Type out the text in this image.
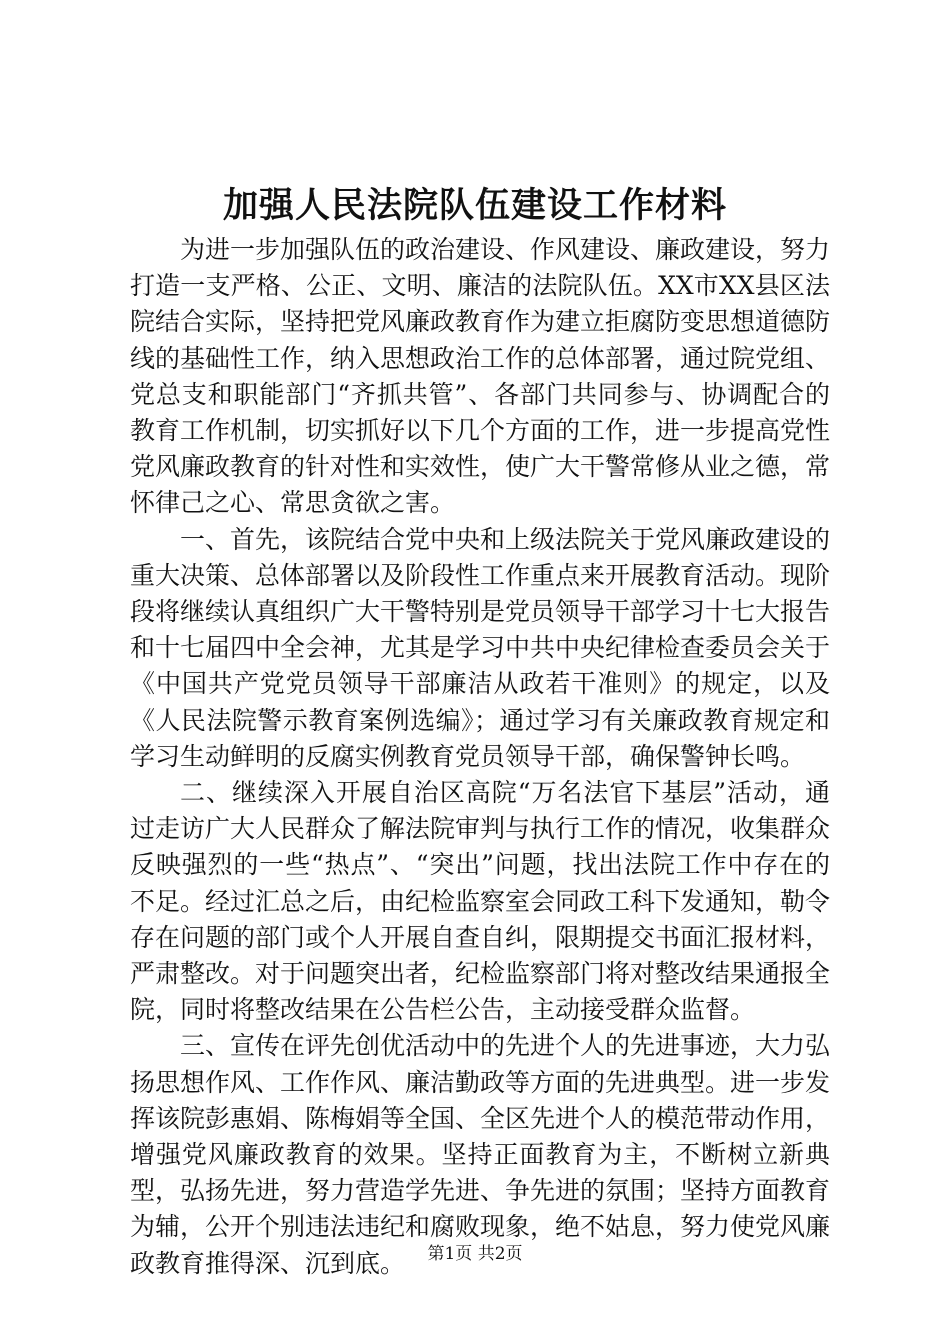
加强人民法院队伍建设工作材料

为进一步加强队伍的政治建设、作风建设、廉政建设，努力打造一支严格、公正、文明、廉洁的法院队伍。XX市XX县区法院结合实际，坚持把党风廉政教育作为建立拒腐防变思想道德防线的基础性工作，纳入思想政治工作的总体部署，通过院党组、党总支和职能部门“齐抓共管”、各部门共同参与、协调配合的教育工作机制，切实抓好以下几个方面的工作，进一步提高党性党风廉政教育的针对性和实效性，使广大干警常修从业之德，常怀律己之心、常思贪欲之害。

一、首先，该院结合党中央和上级法院关于党风廉政建设的重大决策、总体部署以及阶段性工作重点来开展教育活动。现阶段将继续认真组织广大干警特别是党员领导干部学习十七大报告和十七届四中全会神，尤其是学习中共中央纪律检查委员会关于《中国共产党党员领导干部廉洁从政若干准则》的规定，以及《人民法院警示教育案例选编》；通过学习有关廉政教育规定和学习生动鲜明的反腐实例教育党员领导干部，确保警钟长鸣。

二、继续深入开展自治区高院“万名法官下基层”活动，通过走访广大人民群众了解法院审判与执行工作的情况，收集群众反映强烈的一些“热点”、“突出”问题，找出法院工作中存在的不足。经过汇总之后，由纪检监察室会同政工科下发通知，勒令存在问题的部门或个人开展自查自纠，限期提交书面汇报材料，严肃整改。对于问题突出者，纪检监察部门将对整改结果通报全院，同时将整改结果在公告栏公告，主动接受群众监督。

三、宣传在评先创优活动中的先进个人的先进事迹，大力弘扬思想作风、工作作风、廉洁勤政等方面的先进典型。进一步发挥该院彭惠娟、陈梅娟等全国、全区先进个人的模范带动作用，增强党风廉政教育的效果。坚持正面教育为主，不断树立新典型，弘扬先进，努力营造学先进、争先进的氛围；坚持方面教育为辅，公开个别违法违纪和腐败现象，绝不姑息，努力使党风廉政教育推得深、沉到底。	第1页 共2页
